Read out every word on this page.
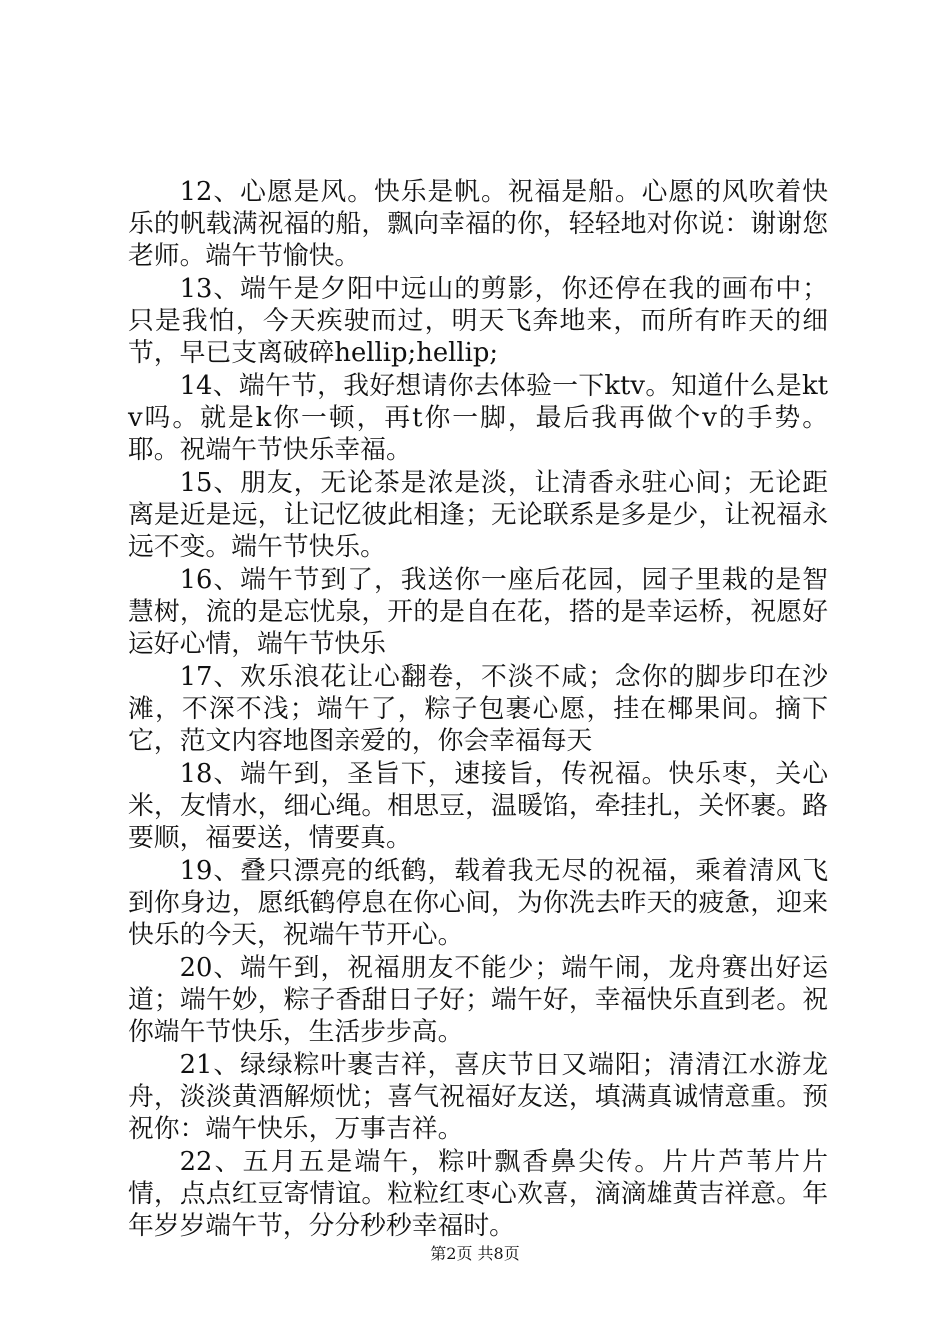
12、心愿是风。快乐是帆。祝福是船。心愿的风吹着快乐的帆载满祝福的船，飘向幸福的你，轻轻地对你说：谢谢您老师。端午节愉快。

13、端午是夕阳中远山的剪影，你还停在我的画布中；只是我怕，今天疾驶而过，明天飞奔地来，而所有昨天的细节，早已支离破碎hellip;hellip;

14、端午节，我好想请你去体验一下ktv。知道什么是ktv吗。就是k你一顿，再t你一脚，最后我再做个v的手势。耶。祝端午节快乐幸福。

15、朋友，无论茶是浓是淡，让清香永驻心间；无论距离是近是远，让记忆彼此相逢；无论联系是多是少，让祝福永远不变。端午节快乐。

16、端午节到了，我送你一座后花园，园子里栽的是智慧树，流的是忘忧泉，开的是自在花，搭的是幸运桥，祝愿好运好心情，端午节快乐

17、欢乐浪花让心翻卷，不淡不咸；念你的脚步印在沙滩，不深不浅；端午了，粽子包裹心愿，挂在椰果间。摘下它，范文内容地图亲爱的，你会幸福每天

18、端午到，圣旨下，速接旨，传祝福。快乐枣，关心米，友情水，细心绳。相思豆，温暖馅，牵挂扎，关怀裹。路要顺，福要送，情要真。

19、叠只漂亮的纸鹤，载着我无尽的祝福，乘着清风飞到你身边，愿纸鹤停息在你心间，为你洗去昨天的疲惫，迎来快乐的今天，祝端午节开心。

20、端午到，祝福朋友不能少；端午闹，龙舟赛出好运道；端午妙，粽子香甜日子好；端午好，幸福快乐直到老。祝你端午节快乐，生活步步高。

21、绿绿粽叶裹吉祥，喜庆节日又端阳；清清江水游龙舟，淡淡黄酒解烦忧；喜气祝福好友送，填满真诚情意重。预祝你：端午快乐，万事吉祥。

22、五月五是端午，粽叶飘香鼻尖传。片片芦苇片片情，点点红豆寄情谊。粒粒红枣心欢喜，滴滴雄黄吉祥意。年年岁岁端午节，分分秒秒幸福时。

第2页 共8页
